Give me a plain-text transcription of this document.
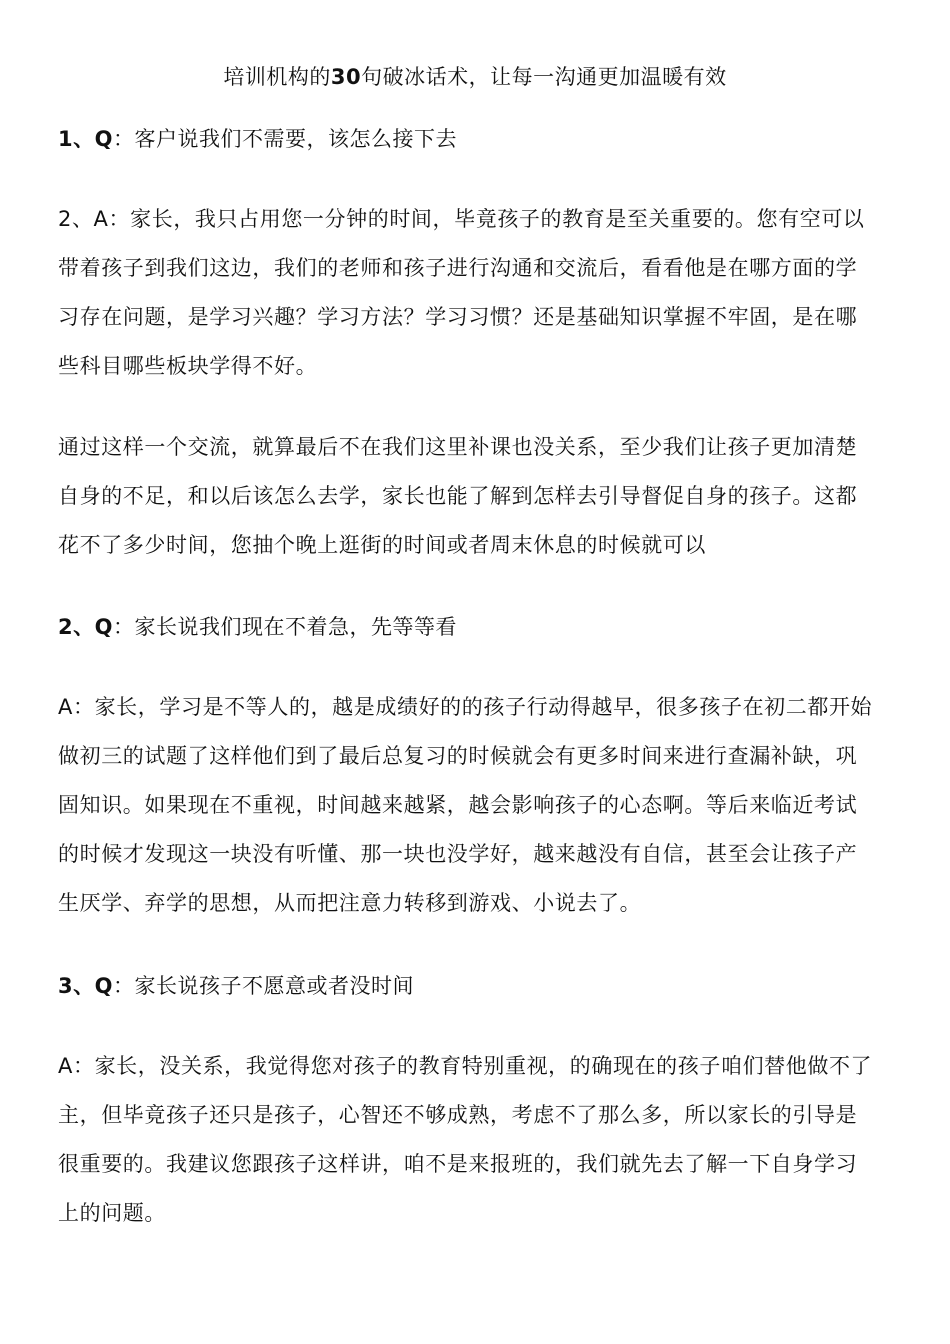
培训机构的30句破冰话术，让每一沟通更加温暖有效
1、Q：客户说我们不需要，该怎么接下去
2、A：家长，我只占用您一分钟的时间，毕竟孩子的教育是至关重要的。您有空可以
带着孩子到我们这边，我们的老师和孩子进行沟通和交流后，看看他是在哪方面的学
习存在问题，是学习兴趣？学习方法？学习习惯？还是基础知识掌握不牢固，是在哪
些科目哪些板块学得不好。
通过这样一个交流，就算最后不在我们这里补课也没关系，至少我们让孩子更加清楚
自身的不足，和以后该怎么去学，家长也能了解到怎样去引导督促自身的孩子。这都
花不了多少时间，您抽个晚上逛街的时间或者周末休息的时候就可以
2、Q：家长说我们现在不着急，先等等看
A：家长，学习是不等人的，越是成绩好的的孩子行动得越早，很多孩子在初二都开始
做初三的试题了这样他们到了最后总复习的时候就会有更多时间来进行查漏补缺，巩
固知识。如果现在不重视，时间越来越紧，越会影响孩子的心态啊。等后来临近考试
的时候才发现这一块没有听懂、那一块也没学好，越来越没有自信，甚至会让孩子产
生厌学、弃学的思想，从而把注意力转移到游戏、小说去了。
3、Q：家长说孩子不愿意或者没时间
A：家长，没关系，我觉得您对孩子的教育特别重视，的确现在的孩子咱们替他做不了
主，但毕竟孩子还只是孩子，心智还不够成熟，考虑不了那么多，所以家长的引导是
很重要的。我建议您跟孩子这样讲，咱不是来报班的，我们就先去了解一下自身学习
上的问题。
